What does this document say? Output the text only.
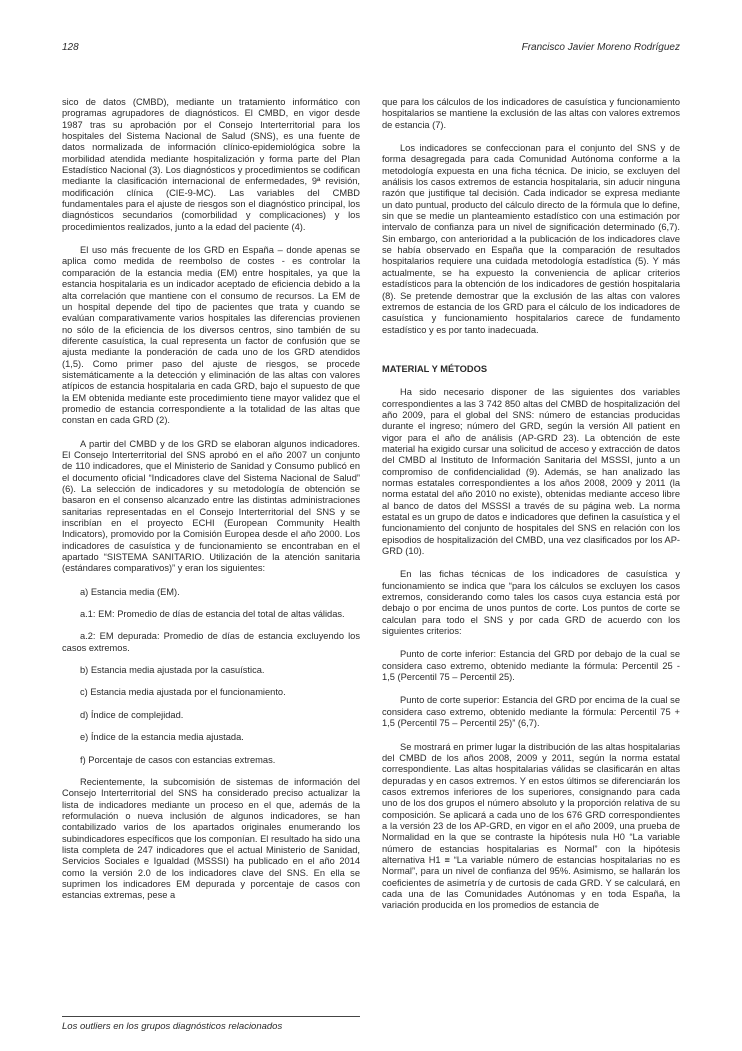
128	Francisco Javier Moreno Rodríguez

sico de datos (CMBD), mediante un tratamiento informático con programas agrupadores de diagnósticos. El CMBD, en vigor desde 1987 tras su aprobación por el Consejo Interterritorial para los hospitales del Sistema Nacional de Salud (SNS), es una fuente de datos normalizada de información clínico-epidemiológica sobre la morbilidad atendida mediante hospitalización y forma parte del Plan Estadístico Nacional (3). Los diagnósticos y procedimientos se codifican mediante la clasificación internacional de enfermedades, 9ª revisión, modificación clínica (CIE-9-MC). Las variables del CMBD fundamentales para el ajuste de riesgos son el diagnóstico principal, los diagnósticos secundarios (comorbilidad y complicaciones) y los procedimientos realizados, junto a la edad del paciente (4).

El uso más frecuente de los GRD en España – donde apenas se aplica como medida de reembolso de costes - es controlar la comparación de la estancia media (EM) entre hospitales, ya que la estancia hospitalaria es un indicador aceptado de eficiencia debido a la alta correlación que mantiene con el consumo de recursos. La EM de un hospital depende del tipo de pacientes que trata y cuando se evalúan comparativamente varios hospitales las diferencias provienen no sólo de la eficiencia de los diversos centros, sino también de su diferente casuística, la cual representa un factor de confusión que se ajusta mediante la ponderación de cada uno de los GRD atendidos (1,5). Como primer paso del ajuste de riesgos, se procede sistemáticamente a la detección y eliminación de las altas con valores atípicos de estancia hospitalaria en cada GRD, bajo el supuesto de que la EM obtenida mediante este procedimiento tiene mayor validez que el promedio de estancia correspondiente a la totalidad de las altas que constan en cada GRD (2).

A partir del CMBD y de los GRD se elaboran algunos indicadores. El Consejo Interterritorial del SNS aprobó en el año 2007 un conjunto de 110 indicadores, que el Ministerio de Sanidad y Consumo publicó en el documento oficial “Indicadores clave del Sistema Nacional de Salud” (6). La selección de indicadores y su metodología de obtención se basaron en el consenso alcanzado entre las distintas administraciones sanitarias representadas en el Consejo Interterritorial del SNS y se inscribían en el proyecto ECHI (European Community Health Indicators), promovido por la Comisión Europea desde el año 2000. Los indicadores de casuística y de funcionamiento se encontraban en el apartado “SISTEMA SANITARIO. Utilización de la atención sanitaria (estándares comparativos)” y eran los siguientes:

a) Estancia media (EM).

a.1: EM: Promedio de días de estancia del total de altas válidas.

a.2: EM depurada: Promedio de días de estancia excluyendo los casos extremos.

b) Estancia media ajustada por la casuística.

c) Estancia media ajustada por el funcionamiento.

d) Índice de complejidad.

e) Índice de la estancia media ajustada.

f) Porcentaje de casos con estancias extremas.

Recientemente, la subcomisión de sistemas de información del Consejo Interterritorial del SNS ha considerado preciso actualizar la lista de indicadores mediante un proceso en el que, además de la reformulación o nueva inclusión de algunos indicadores, se han contabilizado varios de los apartados originales enumerando los subindicadores específicos que los componían. El resultado ha sido una lista completa de 247 indicadores que el actual Ministerio de Sanidad, Servicios Sociales e Igualdad (MSSSI) ha publicado en el año 2014 como la versión 2.0 de los indicadores clave del SNS. En ella se suprimen los indicadores EM depurada y porcentaje de casos con estancias extremas, pese a

que para los cálculos de los indicadores de casuística y funcionamiento hospitalarios se mantiene la exclusión de las altas con valores extremos de estancia (7).

Los indicadores se confeccionan para el conjunto del SNS y de forma desagregada para cada Comunidad Autónoma conforme a la metodología expuesta en una ficha técnica. De inicio, se excluyen del análisis los casos extremos de estancia hospitalaria, sin aducir ninguna razón que justifique tal decisión. Cada indicador se expresa mediante un dato puntual, producto del cálculo directo de la fórmula que lo define, sin que se medie un planteamiento estadístico con una estimación por intervalo de confianza para un nivel de significación determinado (6,7). Sin embargo, con anterioridad a la publicación de los indicadores clave se había observado en España que la comparación de resultados hospitalarios requiere una cuidada metodología estadística (5). Y más actualmente, se ha expuesto la conveniencia de aplicar criterios estadísticos para la obtención de los indicadores de gestión hospitalaria (8). Se pretende demostrar que la exclusión de las altas con valores extremos de estancia de los GRD para el cálculo de los indicadores de casuística y funcionamiento hospitalarios carece de fundamento estadístico y es por tanto inadecuada.

MATERIAL Y MÉTODOS

Ha sido necesario disponer de las siguientes dos variables correspondientes a las 3 742 850 altas del CMBD de hospitalización del año 2009, para el global del SNS: número de estancias producidas durante el ingreso; número del GRD, según la versión All patient en vigor para el año de análisis (AP-GRD 23). La obtención de este material ha exigido cursar una solicitud de acceso y extracción de datos del CMBD al Instituto de Información Sanitaria del MSSSI, junto a un compromiso de confidencialidad (9). Además, se han analizado las normas estatales correspondientes a los años 2008, 2009 y 2011 (la norma estatal del año 2010 no existe), obtenidas mediante acceso libre al banco de datos del MSSSI a través de su página web. La norma estatal es un grupo de datos e indicadores que definen la casuística y el funcionamiento del conjunto de hospitales del SNS en relación con los episodios de hospitalización del CMBD, una vez clasificados por los AP-GRD (10).

En las fichas técnicas de los indicadores de casuística y funcionamiento se indica que “para los cálculos se excluyen los casos extremos, considerando como tales los casos cuya estancia está por debajo o por encima de unos puntos de corte. Los puntos de corte se calculan para todo el SNS y por cada GRD de acuerdo con los siguientes criterios:

Punto de corte inferior: Estancia del GRD por debajo de la cual se considera caso extremo, obtenido mediante la fórmula: Percentil 25 - 1,5 (Percentil 75 – Percentil 25).

Punto de corte superior: Estancia del GRD por encima de la cual se considera caso extremo, obtenido mediante la fórmula: Percentil 75 + 1,5 (Percentil 75 – Percentil 25)” (6,7).

Se mostrará en primer lugar la distribución de las altas hospitalarias del CMBD de los años 2008, 2009 y 2011, según la norma estatal correspondiente. Las altas hospitalarias válidas se clasificarán en altas depuradas y en casos extremos. Y en estos últimos se diferenciarán los casos extremos inferiores de los superiores, consignando para cada uno de los dos grupos el número absoluto y la proporción relativa de su composición. Se aplicará a cada uno de los 676 GRD correspondientes a la versión 23 de los AP-GRD, en vigor en el año 2009, una prueba de Normalidad en la que se contraste la hipótesis nula H0 “La variable número de estancias hospitalarias es Normal” con la hipótesis alternativa H1 ≡ “La variable número de estancias hospitalarias no es Normal”, para un nivel de confianza del 95%. Asimismo, se hallarán los coeficientes de asimetría y de curtosis de cada GRD. Y se calculará, en cada una de las Comunidades Autónomas y en toda España, la variación producida en los promedios de estancia de

Los outliers en los grupos diagnósticos relacionados
